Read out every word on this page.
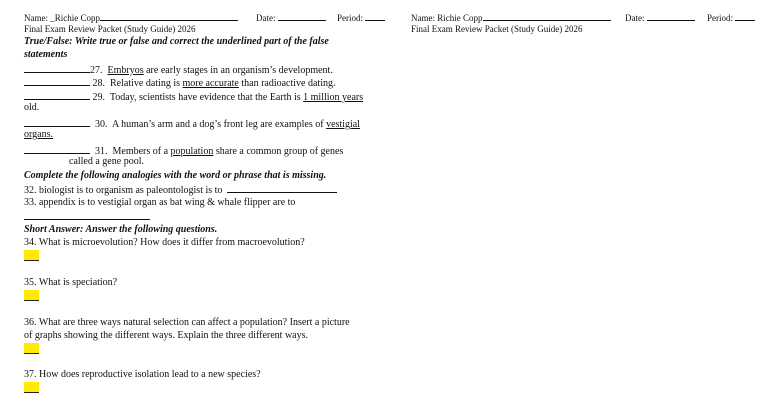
Name: _Richie Copp	Date:	Period:
Final Exam Review Packet (Study Guide) 2026
Name: Richie Copp	Date:	Period:
Final Exam Review Packet (Study Guide) 2026
True/False: Write true or false and correct the underlined part of the false
statements
27. Embryos are early stages in an organism’s development.
28. Relative dating is more accurate than radioactive dating.
29. Today, scientists have evidence that the Earth is 1 million years
old.
30. A human’s arm and a dog’s front leg are examples of vestigial
organs.
31. Members of a population share a common group of genes
called a gene pool.
Complete the following analogies with the word or phrase that is missing.
32. biologist is to organism as paleontologist is to
33. appendix is to vestigial organ as bat wing & whale flipper are to
Short Answer: Answer the following questions.
34. What is microevolution? How does it differ from macroevolution?
35. What is speciation?
36. What are three ways natural selection can affect a population? Insert a picture
of graphs showing the different ways. Explain the three different ways.
37. How does reproductive isolation lead to a new species?
